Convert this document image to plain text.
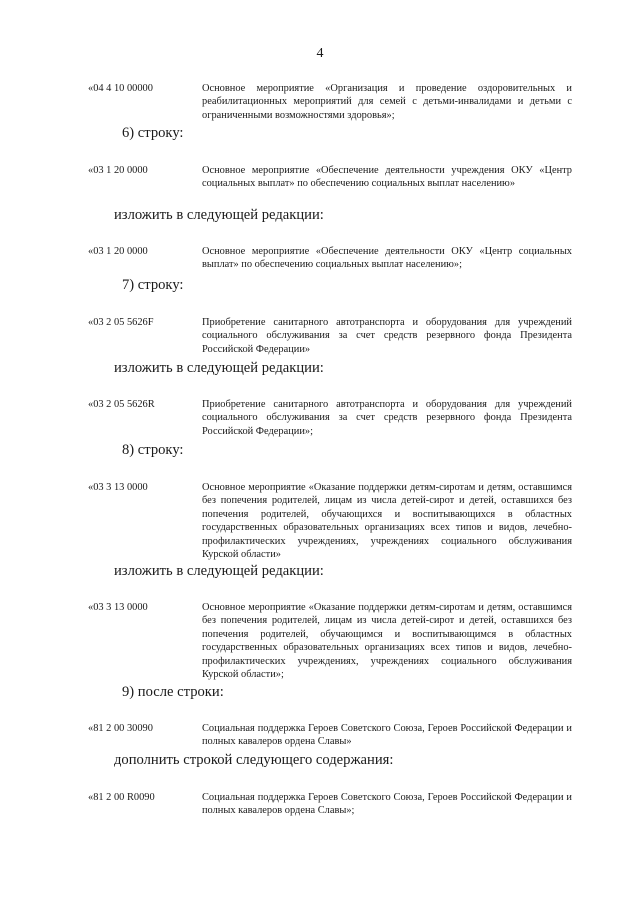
4
«04 4 10 00000	Основное мероприятие «Организация и проведение оздоровительных и реабилитационных мероприятий для семей с детьми-инвалидами и детьми с ограниченными возможностями здоровья»;
6) строку:
«03 1 20 0000	Основное мероприятие «Обеспечение деятельности учреждения ОКУ «Центр социальных выплат» по обеспечению социальных выплат населению»
изложить в следующей редакции:
«03 1 20 0000	Основное мероприятие «Обеспечение деятельности ОКУ «Центр социальных выплат» по обеспечению социальных выплат населению»;
7) строку:
«03 2 05 5626F	Приобретение санитарного автотранспорта и оборудования для учреждений социального обслуживания за счет средств резервного фонда Президента Российской Федерации»
изложить в следующей редакции:
«03 2 05 5626R	Приобретение санитарного автотранспорта и оборудования для учреждений социального обслуживания за счет средств резервного фонда Президента Российской Федерации»;
8) строку:
«03 3 13 0000	Основное мероприятие «Оказание поддержки детям-сиротам и детям, оставшимся без попечения родителей, лицам из числа детей-сирот и детей, оставшихся без попечения родителей, обучающихся и воспитывающихся в областных государственных образовательных организациях всех типов и видов, лечебно-профилактических учреждениях, учреждениях социального обслуживания Курской области»
изложить в следующей редакции:
«03 3 13 0000	Основное мероприятие «Оказание поддержки детям-сиротам и детям, оставшимся без попечения родителей, лицам из числа детей-сирот и детей, оставшихся без попечения родителей, обучающимся и воспитывающимся в областных государственных образовательных организациях всех типов и видов, лечебно-профилактических учреждениях, учреждениях социального обслуживания Курской области»;
9) после строки:
«81 2 00 30090	Социальная поддержка Героев Советского Союза, Героев Российской Федерации и полных кавалеров ордена Славы»
дополнить строкой следующего содержания:
«81 2 00 R0090	Социальная поддержка Героев Советского Союза, Героев Российской Федерации и полных кавалеров ордена Славы»;
